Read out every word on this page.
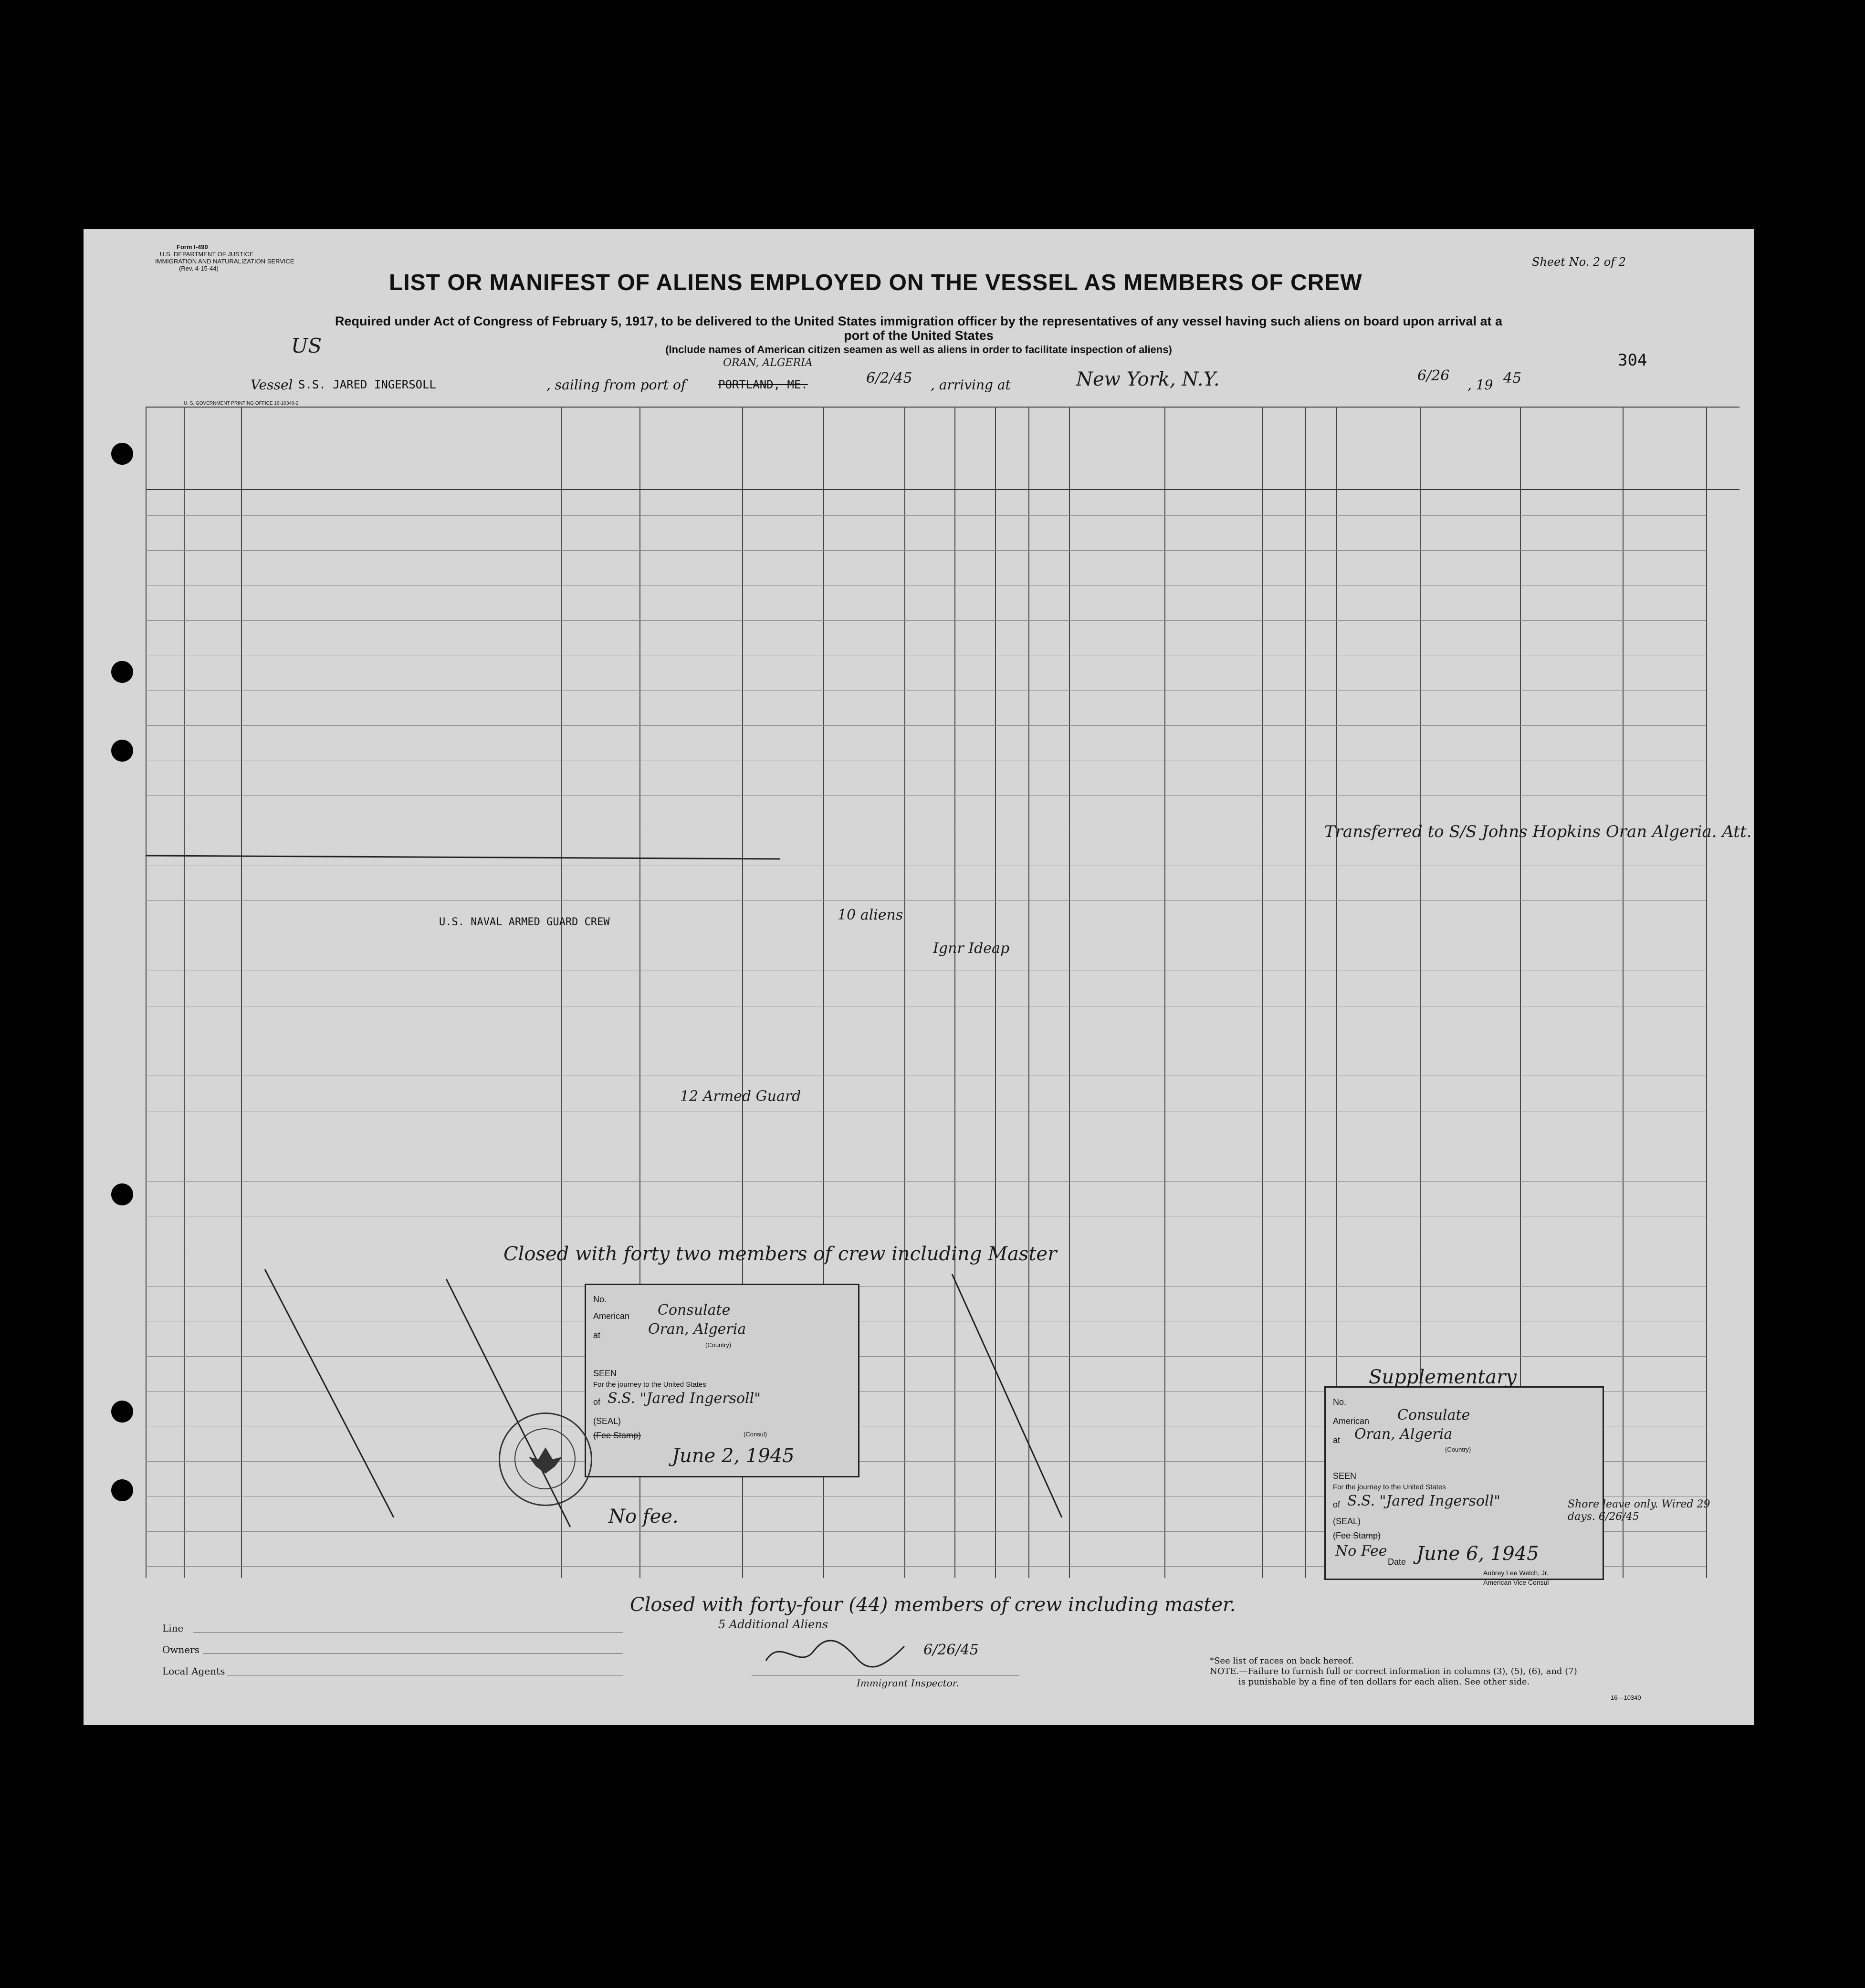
Form I-490
U.S. DEPARTMENT OF JUSTICE
IMMIGRATION AND NATURALIZATION SERVICE
(Rev. 4-15-44)	Sheet No. 2 of 2
304
LIST OR MANIFEST OF ALIENS EMPLOYED ON THE VESSEL AS MEMBERS OF CREW
Required under Act of Congress of February 5, 1917, to be delivered to the United States immigration officer by the representatives of any vessel having such aliens on board upon arrival at a
port of the United States
(Include names of American citizen seamen as well as aliens in order to facilitate inspection of aliens)
US
Vessel S.S. JARED INGERSOLL	, sailing from port of
ORAN, ALGERIA
PORTLAND, ME.	6/2/45 , arriving at	New York, N.Y.	6/26
, 19 45
U. S. GOVERNMENT PRINTING OFFICE 16-10340-2
Transferred to S/S Johns Hopkins Oran Algeria. Att.
10 aliens
Ignr Ideap
U.S. NAVAL ARMED GUARD CREW
12 Armed Guard
Closed with forty two members of crew including Master
No.
American Consulate
at	Oran, Algeria
(Country)
SEEN
For the journey to the United States
of S.S. "Jared Ingersoll"
(SEAL)
(Fee Stamp)	(Consul)
June 2, 1945
Supplementary
No.
American Consulate
at Oran, Algeria
(Country)
SEEN
For the journey to the United States
of S.S. "Jared Ingersoll"
(SEAL)
(Fee Stamp)
No Fee
Date June 6, 1945
Aubrey Lee Welch, Jr.
American Vice Consul
Shore leave only. Wired 29 days. 6/26/45
No fee.
Closed with forty-four (44) members of crew including master.
5 Additional Aliens
6/26/45
Immigrant Inspector.
Line
Owners
Local Agents
*See list of races on back hereof.
NOTE.—Failure to furnish full or correct information in columns (3), (5), (6), and (7)
is punishable by a fine of ten dollars for each alien. See other side.
16—10340
